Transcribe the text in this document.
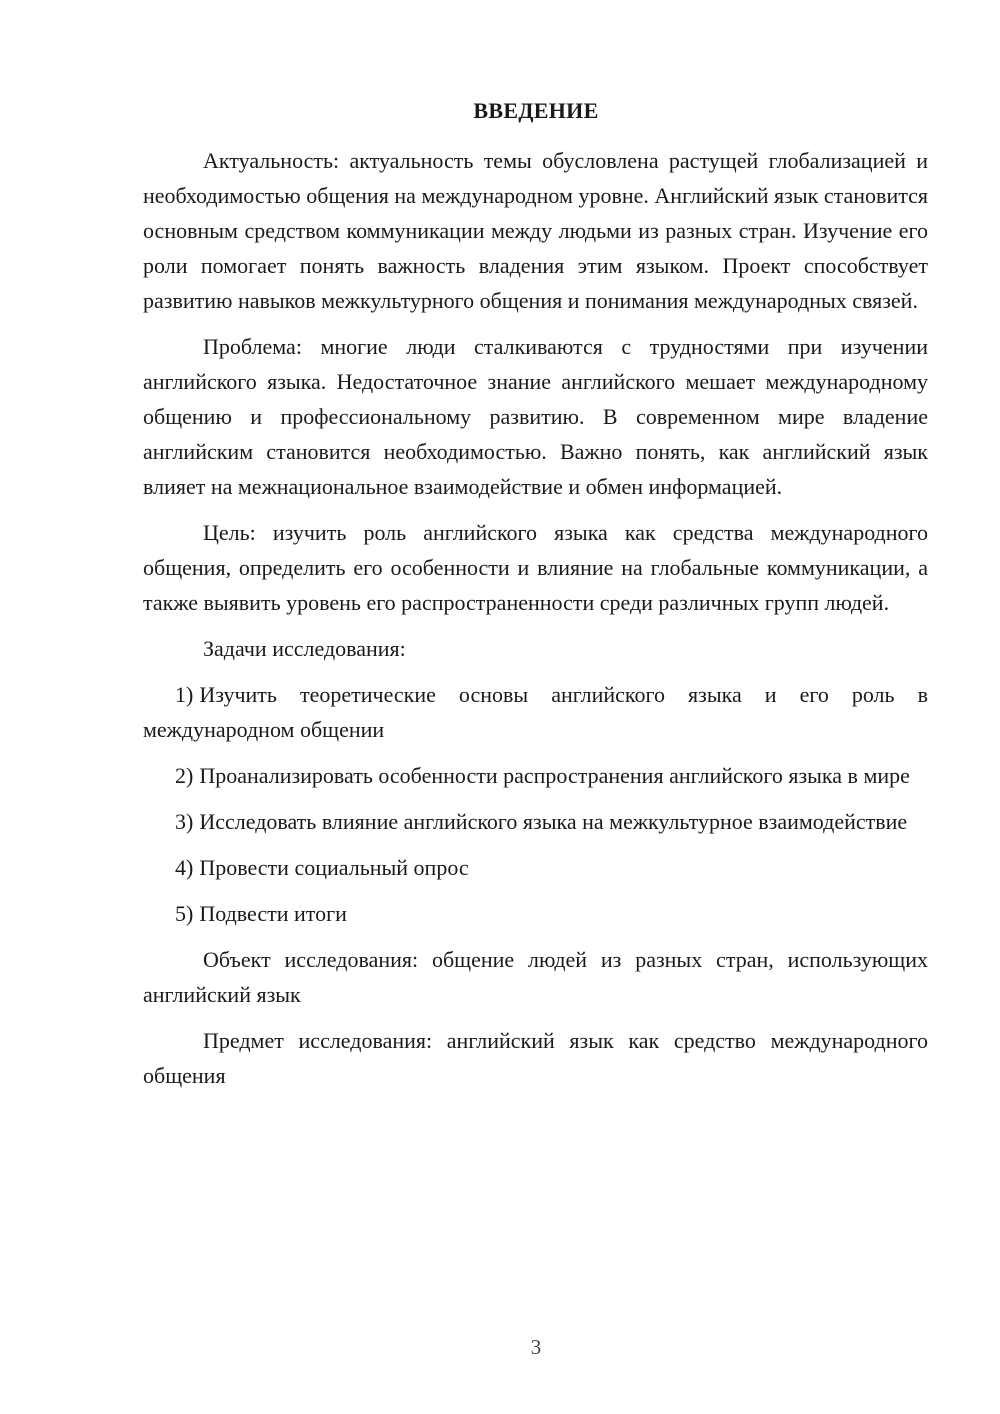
ВВЕДЕНИЕ

Актуальность: актуальность темы обусловлена растущей глобализацией и необходимостью общения на международном уровне. Английский язык становится основным средством коммуникации между людьми из разных стран. Изучение его роли помогает понять важность владения этим языком. Проект способствует развитию навыков межкультурного общения и понимания международных связей.

Проблема: многие люди сталкиваются с трудностями при изучении английского языка. Недостаточное знание английского мешает международному общению и профессиональному развитию. В современном мире владение английским становится необходимостью. Важно понять, как английский язык влияет на межнациональное взаимодействие и обмен информацией.

Цель: изучить роль английского языка как средства международного общения, определить его особенности и влияние на глобальные коммуникации, а также выявить уровень его распространенности среди различных групп людей.

Задачи исследования:

1) Изучить теоретические основы английского языка и его роль в международном общении

2) Проанализировать особенности распространения английского языка в мире

3) Исследовать влияние английского языка на межкультурное взаимодействие

4) Провести социальный опрос

5) Подвести итоги

Объект исследования: общение людей из разных стран, использующих английский язык

Предмет исследования: английский язык как средство международного общения

3
